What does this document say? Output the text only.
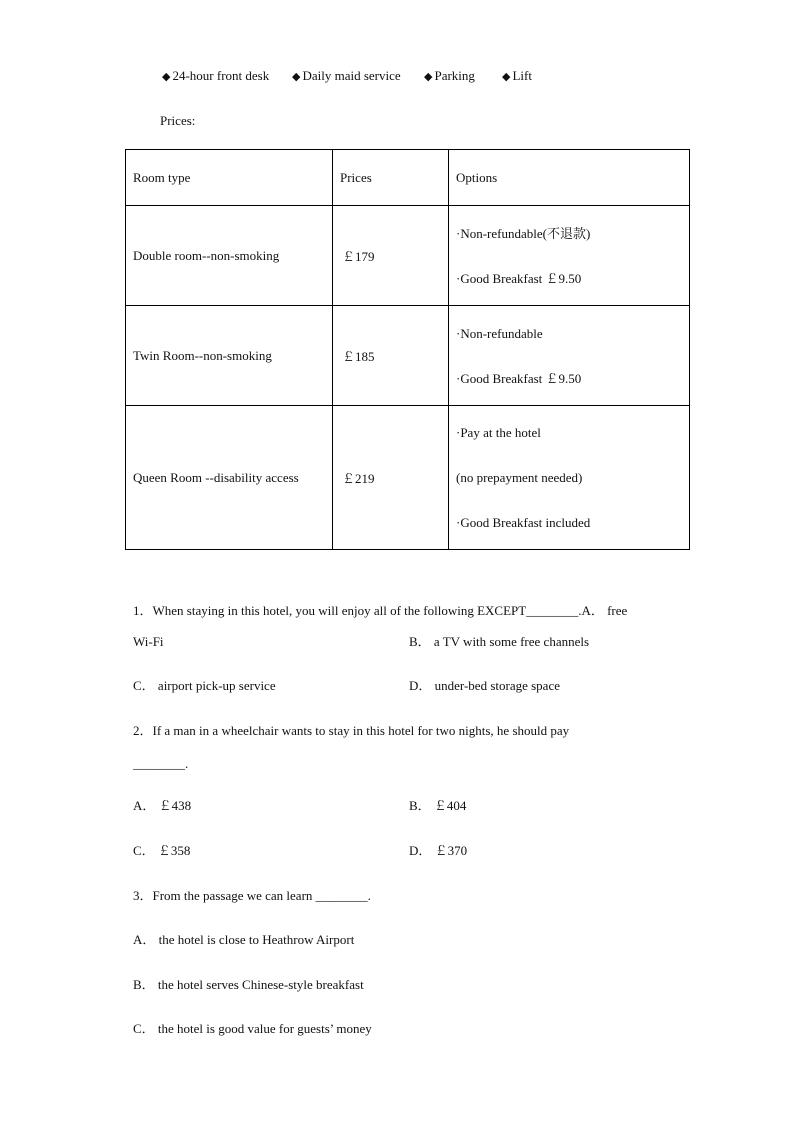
◆ 24-hour front desk ◆ Daily maid service ◆ Parking ◆ Lift
Prices:
Room type	Prices	Options
Double room--non-smoking	￡179	·Non-refundable(不退款)
·Good Breakfast ￡9.50

Twin Room--non-smoking	￡185	·Non-refundable
·Good Breakfast ￡9.50

Queen Room --disability access	￡219	·Pay at the hotel
(no prepayment needed)
·Good Breakfast included
1．When staying in this hotel, you will enjoy all of the following EXCEPT________.A． free
Wi-Fi	B． a TV with some free channels
C． airport pick-up service	D． under-bed storage space
2．If a man in a wheelchair wants to stay in this hotel for two nights, he should pay
________.
A． ￡438	B． ￡404
C． ￡358	D． ￡370
3．From the passage we can learn ________.
A． the hotel is close to Heathrow Airport
B． the hotel serves Chinese-style breakfast
C． the hotel is good value for guests’ money
